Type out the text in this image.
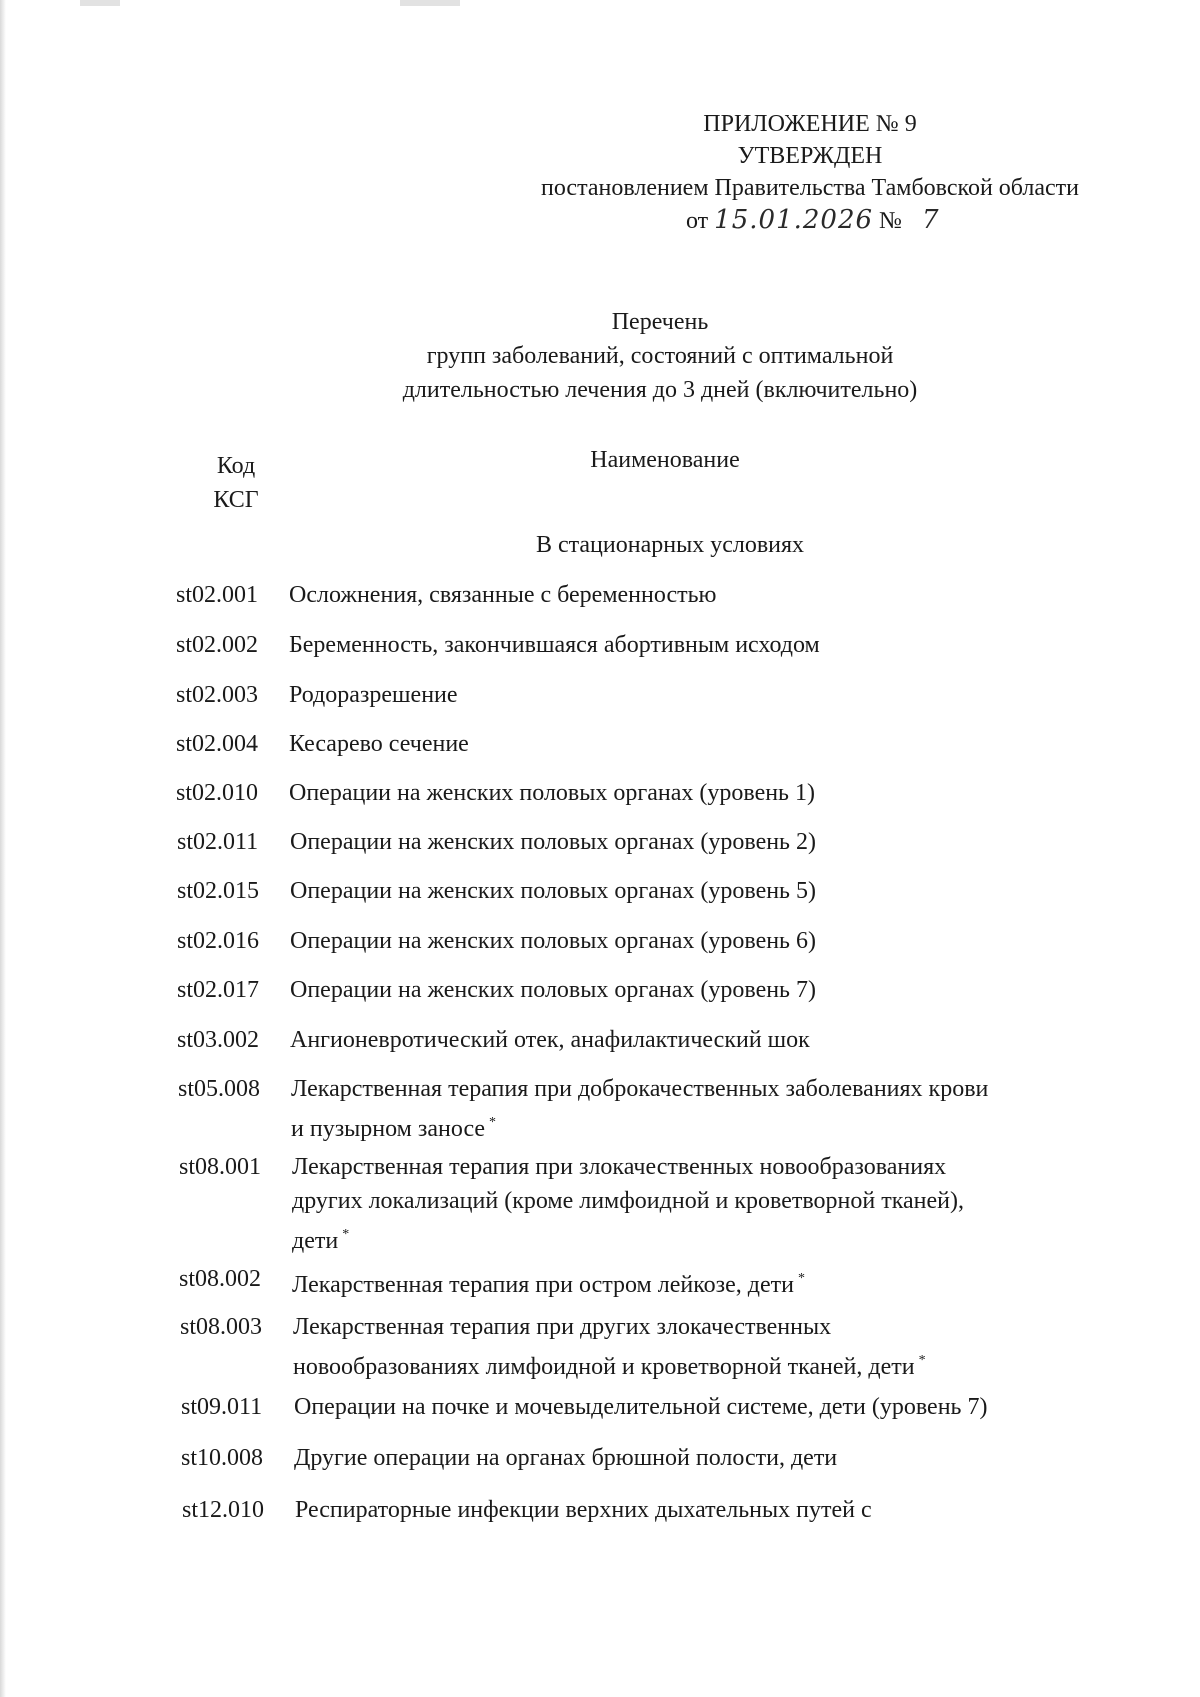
ПРИЛОЖЕНИЕ № 9
УТВЕРЖДЕН
постановлением Правительства Тамбовской области
от 15.01.2026 № 7
Перечень
групп заболеваний, состояний с оптимальной
длительностью лечения до 3 дней (включительно)
Код
КСГ
Наименование
В стационарных условиях
st02.001 Осложнения, связанные с беременностью
st02.002 Беременность, закончившаяся абортивным исходом
st02.003 Родоразрешение
st02.004 Кесарево сечение
st02.010 Операции на женских половых органах (уровень 1)
st02.011 Операции на женских половых органах (уровень 2)
st02.015 Операции на женских половых органах (уровень 5)
st02.016 Операции на женских половых органах (уровень 6)
st02.017 Операции на женских половых органах (уровень 7)
st03.002 Ангионевротический отек, анафилактический шок
st05.008 Лекарственная терапия при доброкачественных заболеваниях крови
и пузырном заносе *
st08.001 Лекарственная терапия при злокачественных новообразованиях
других локализаций (кроме лимфоидной и кроветворной тканей),
дети *
st08.002 Лекарственная терапия при остром лейкозе, дети *
st08.003 Лекарственная терапия при других злокачественных
новообразованиях лимфоидной и кроветворной тканей, дети *
st09.011 Операции на почке и мочевыделительной системе, дети (уровень 7)
st10.008 Другие операции на органах брюшной полости, дети
st12.010 Респираторные инфекции верхних дыхательных путей с
